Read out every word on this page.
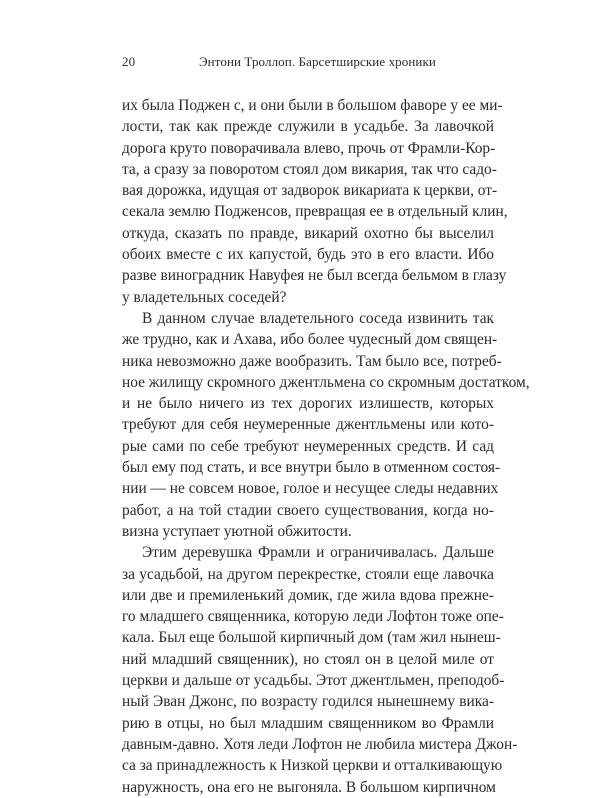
20	Энтони Троллоп. Барсетширские хроники
их была Поджен с, и они были в большом фаворе у ее ми-
лости, так как прежде служили в усадьбе. За лавочкой
дорога круто поворачивала влево, прочь от Фрамли-Кор-
та, а сразу за поворотом стоял дом викария, так что садо-
вая дорожка, идущая от задворок викариата к церкви, от-
секала землю Подженсов, превращая ее в отдельный клин,
откуда, сказать по правде, викарий охотно бы выселил
обоих вместе с их капустой, будь это в его власти. Ибо
разве виноградник Навуфея не был всегда бельмом в глазу
у владетельных соседей?
В данном случае владетельного соседа извинить так
же трудно, как и Ахава, ибо более чудесный дом священ-
ника невозможно даже вообразить. Там было все, потреб-
ное жилищу скромного джентльмена со скромным достатком,
и не было ничего из тех дорогих излишеств, которых
требуют для себя неумеренные джентльмены или кото-
рые сами по себе требуют неумеренных средств. И сад
был ему под стать, и все внутри было в отменном состоя-
нии — не совсем новое, голое и несущее следы недавних
работ, а на той стадии своего существования, когда но-
визна уступает уютной обжитости.
Этим деревушка Фрамли и ограничивалась. Дальше
за усадьбой, на другом перекрестке, стояли еще лавочка
или две и премиленький домик, где жила вдова прежне-
го младшего священника, которую леди Лофтон тоже опе-
кала. Был еще большой кирпичный дом (там жил нынеш-
ний младший священник), но стоял он в целой миле от
церкви и дальше от усадьбы. Этот джентльмен, преподоб-
ный Эван Джонс, по возрасту годился нынешнему вика-
рию в отцы, но был младшим священником во Фрамли
давным-давно. Хотя леди Лофтон не любила мистера Джон-
са за принадлежность к Низкой церкви и отталкивающую
наружность, она его не выгоняла. В большом кирпичном
